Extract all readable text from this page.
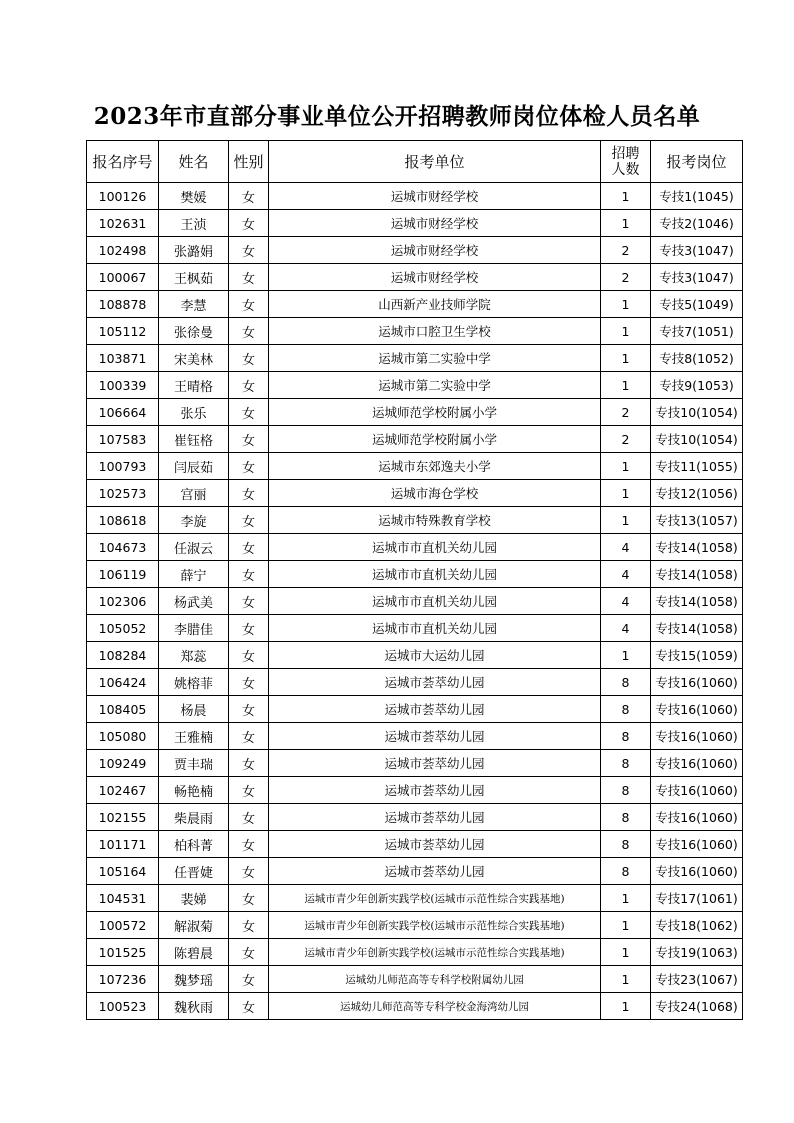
2023年市直部分事业单位公开招聘教师岗位体检人员名单
报名序号	姓名	性别	报考单位	招聘
人数	报考岗位
100126	樊媛	女	运城市财经学校	1	专技1(1045)
102631	王浈	女	运城市财经学校	1	专技2(1046)
102498	张潞娟	女	运城市财经学校	2	专技3(1047)
100067	王枫茹	女	运城市财经学校	2	专技3(1047)
108878	李慧	女	山西新产业技师学院	1	专技5(1049)
105112	张徐曼	女	运城市口腔卫生学校	1	专技7(1051)
103871	宋美林	女	运城市第二实验中学	1	专技8(1052)
100339	王晴格	女	运城市第二实验中学	1	专技9(1053)
106664	张乐	女	运城师范学校附属小学	2	专技10(1054)
107583	崔钰格	女	运城师范学校附属小学	2	专技10(1054)
100793	闫辰茹	女	运城市东郊逸夫小学	1	专技11(1055)
102573	宫丽	女	运城市海仓学校	1	专技12(1056)
108618	李旋	女	运城市特殊教育学校	1	专技13(1057)
104673	任淑云	女	运城市市直机关幼儿园	4	专技14(1058)
106119	薛宁	女	运城市市直机关幼儿园	4	专技14(1058)
102306	杨武美	女	运城市市直机关幼儿园	4	专技14(1058)
105052	李腊佳	女	运城市市直机关幼儿园	4	专技14(1058)
108284	郑蕊	女	运城市大运幼儿园	1	专技15(1059)
106424	姚榕菲	女	运城市荟萃幼儿园	8	专技16(1060)
108405	杨晨	女	运城市荟萃幼儿园	8	专技16(1060)
105080	王雅楠	女	运城市荟萃幼儿园	8	专技16(1060)
109249	贾丰瑞	女	运城市荟萃幼儿园	8	专技16(1060)
102467	畅艳楠	女	运城市荟萃幼儿园	8	专技16(1060)
102155	柴晨雨	女	运城市荟萃幼儿园	8	专技16(1060)
101171	柏科菁	女	运城市荟萃幼儿园	8	专技16(1060)
105164	任晋婕	女	运城市荟萃幼儿园	8	专技16(1060)
104531	裴娣	女	运城市青少年创新实践学校(运城市示范性综合实践基地)	1	专技17(1061)
100572	解淑菊	女	运城市青少年创新实践学校(运城市示范性综合实践基地)	1	专技18(1062)
101525	陈碧晨	女	运城市青少年创新实践学校(运城市示范性综合实践基地)	1	专技19(1063)
107236	魏梦瑶	女	运城幼儿师范高等专科学校附属幼儿园	1	专技23(1067)
100523	魏秋雨	女	运城幼儿师范高等专科学校金海湾幼儿园	1	专技24(1068)
